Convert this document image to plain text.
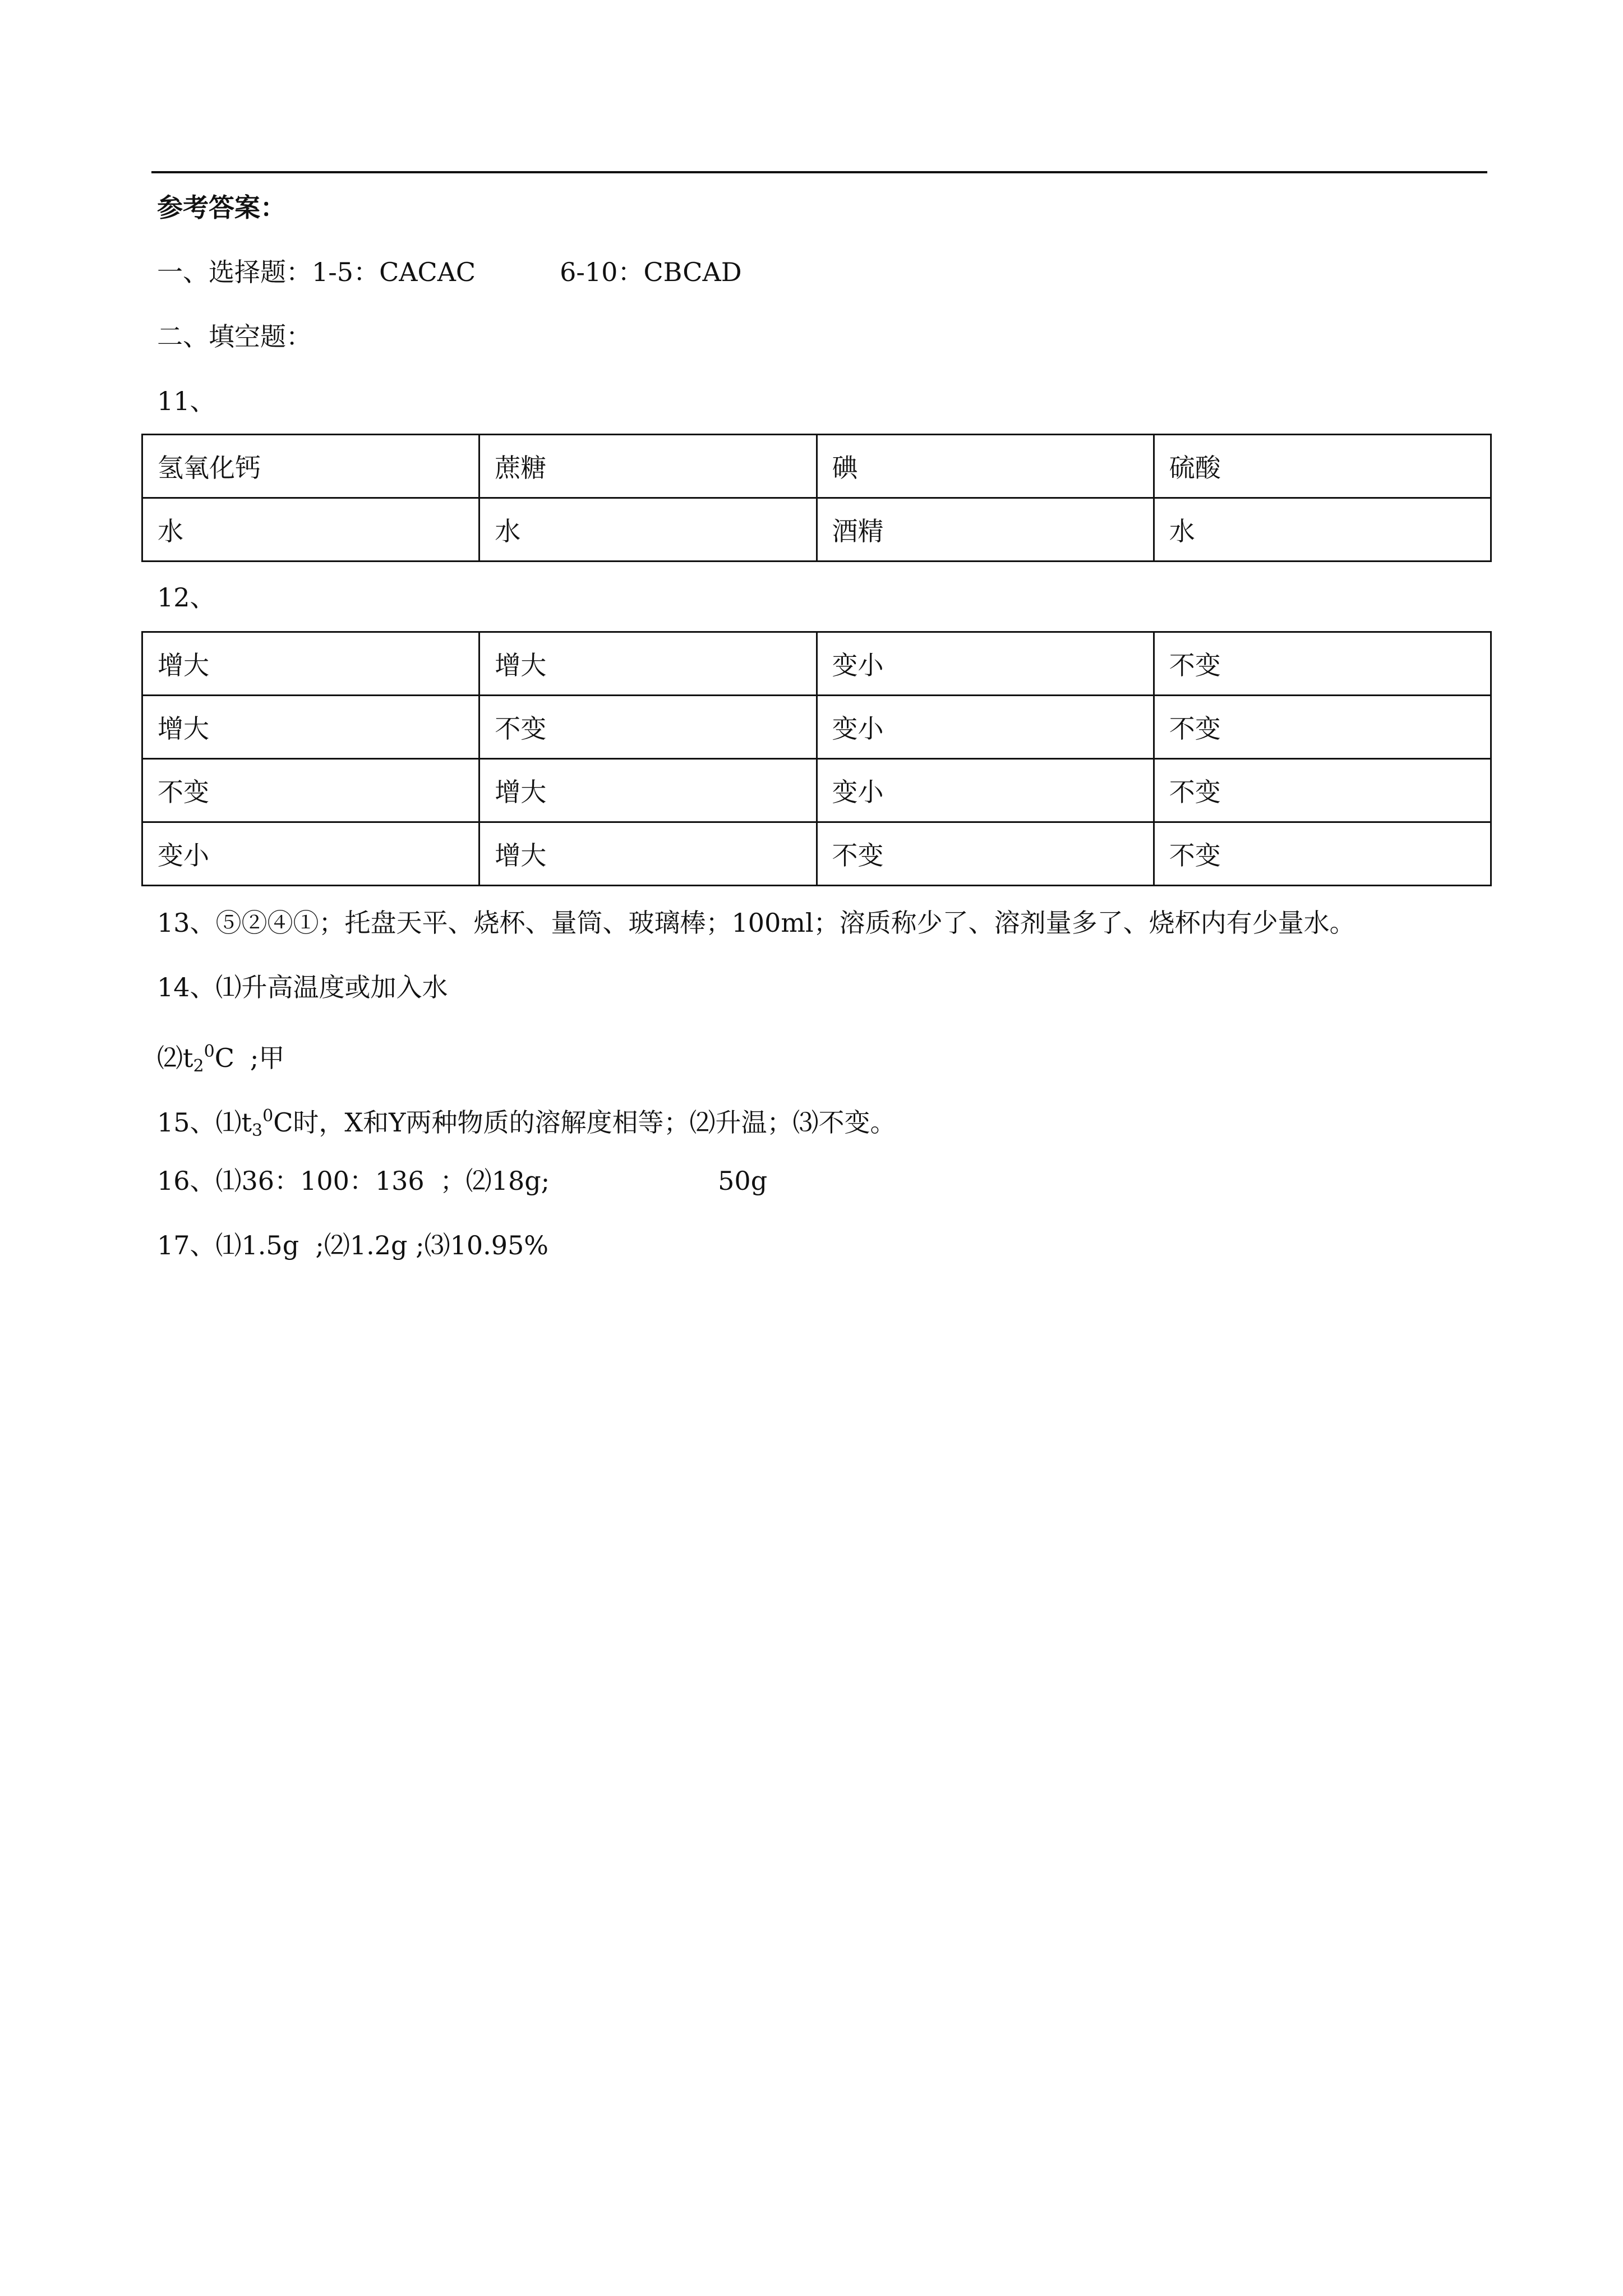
参考答案：
一、选择题：1-5：CACAC	6-10：CBCAD
二、填空题：
11、
氢氧化钙	蔗糖	碘	硫酸
水	水	酒精	水
12、
增大	增大	变小	不变
增大	不变	变小	不变
不变	增大	变小	不变
变小	增大	不变	不变
13、⑤②④①；托盘天平、烧杯、量筒、玻璃棒；100ml；溶质称少了、溶剂量多了、烧杯内有少量水。
14、⑴升高温度或加入水
$⑵t_2^0C$ ;甲
15、$⑴t_3^0C$时，X和Y两种物质的溶解度相等；⑵升温；⑶不变。
16、⑴36：100：136 ；⑵18g;	50g
17、⑴1.5g  ;⑵1.2g ;⑶10.95%
